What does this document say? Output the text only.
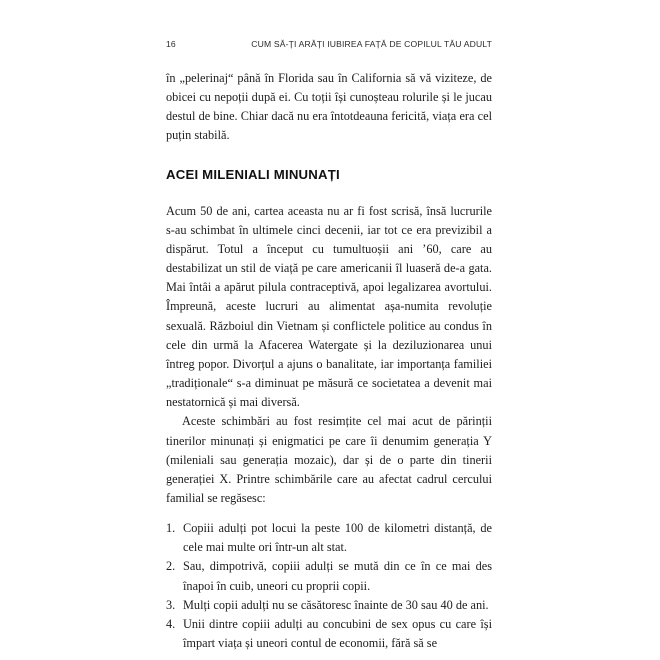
16	CUM SĂ-ȚI ARĂȚI IUBIREA FAȚĂ DE COPILUL TĂU ADULT

în „pelerinaj“ până în Florida sau în California să vă viziteze, de obicei cu nepoții după ei. Cu toții își cunoșteau rolurile și le jucau destul de bine. Chiar dacă nu era întotdeauna fericită, viața era cel puțin stabilă.

ACEI MILENIALI MINUNAȚI

Acum 50 de ani, cartea aceasta nu ar fi fost scrisă, însă lucrurile s-au schimbat în ultimele cinci decenii, iar tot ce era previzibil a dispărut. Totul a început cu tumultuoșii ani ’60, care au destabilizat un stil de viață pe care americanii îl luaseră de-a gata. Mai întâi a apărut pilula contraceptivă, apoi legalizarea avortului. Împreună, aceste lucruri au alimentat așa-numita revoluție sexuală. Războiul din Vietnam și conflictele politice au condus în cele din urmă la Afacerea Watergate și la deziluzionarea unui întreg popor. Divorțul a ajuns o banalitate, iar importanța familiei „tradiționale“ s-a diminuat pe măsură ce societatea a devenit mai nestatornică și mai diversă.

Aceste schimbări au fost resimțite cel mai acut de părinții tinerilor minunați și enigmatici pe care îi denumim generația Y (mileniali sau generația mozaic), dar și de o parte din tinerii generației X. Printre schimbările care au afectat cadrul cercului familial se regăsesc:

1. Copiii adulți pot locui la peste 100 de kilometri distanță, de cele mai multe ori într-un alt stat.
2. Sau, dimpotrivă, copiii adulți se mută din ce în ce mai des înapoi în cuib, uneori cu proprii copii.
3. Mulți copii adulți nu se căsătoresc înainte de 30 sau 40 de ani.
4. Unii dintre copiii adulți au concubini de sex opus cu care își împart viața și uneori contul de economii, fără să se
